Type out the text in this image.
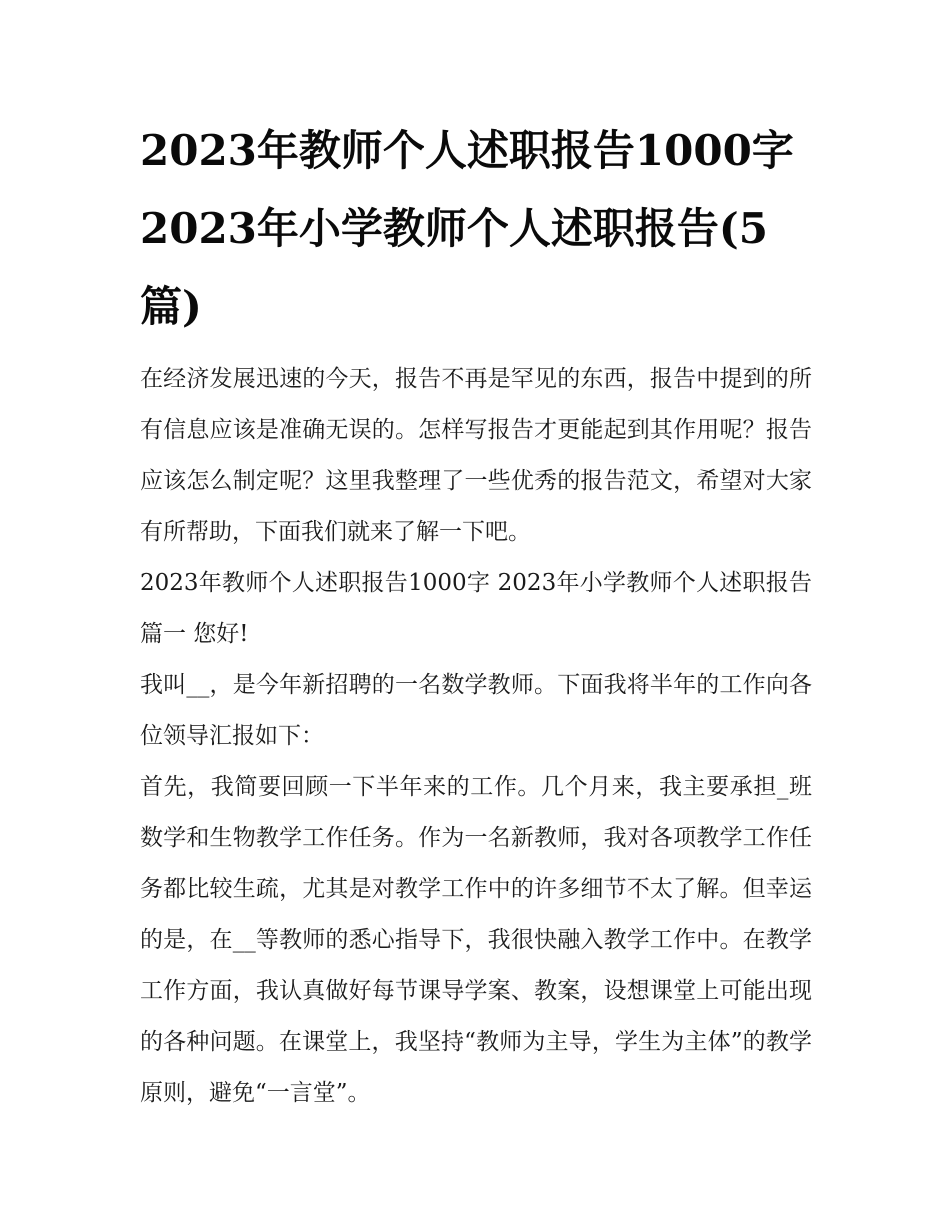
2023年教师个人述职报告1000字 2023年小学教师个人述职报告(5篇)

在经济发展迅速的今天，报告不再是罕见的东西，报告中提到的所有信息应该是准确无误的。怎样写报告才更能起到其作用呢？报告应该怎么制定呢？这里我整理了一些优秀的报告范文，希望对大家有所帮助，下面我们就来了解一下吧。

2023年教师个人述职报告1000字 2023年小学教师个人述职报告篇一 您好!

我叫__，是今年新招聘的一名数学教师。下面我将半年的工作向各位领导汇报如下：

首先，我简要回顾一下半年来的工作。几个月来，我主要承担_班数学和生物教学工作任务。作为一名新教师，我对各项教学工作任务都比较生疏，尤其是对教学工作中的许多细节不太了解。但幸运的是，在__等教师的悉心指导下，我很快融入教学工作中。在教学工作方面，我认真做好每节课导学案、教案，设想课堂上可能出现的各种问题。在课堂上，我坚持“教师为主导，学生为主体”的教学原则，避免“一言堂”。
